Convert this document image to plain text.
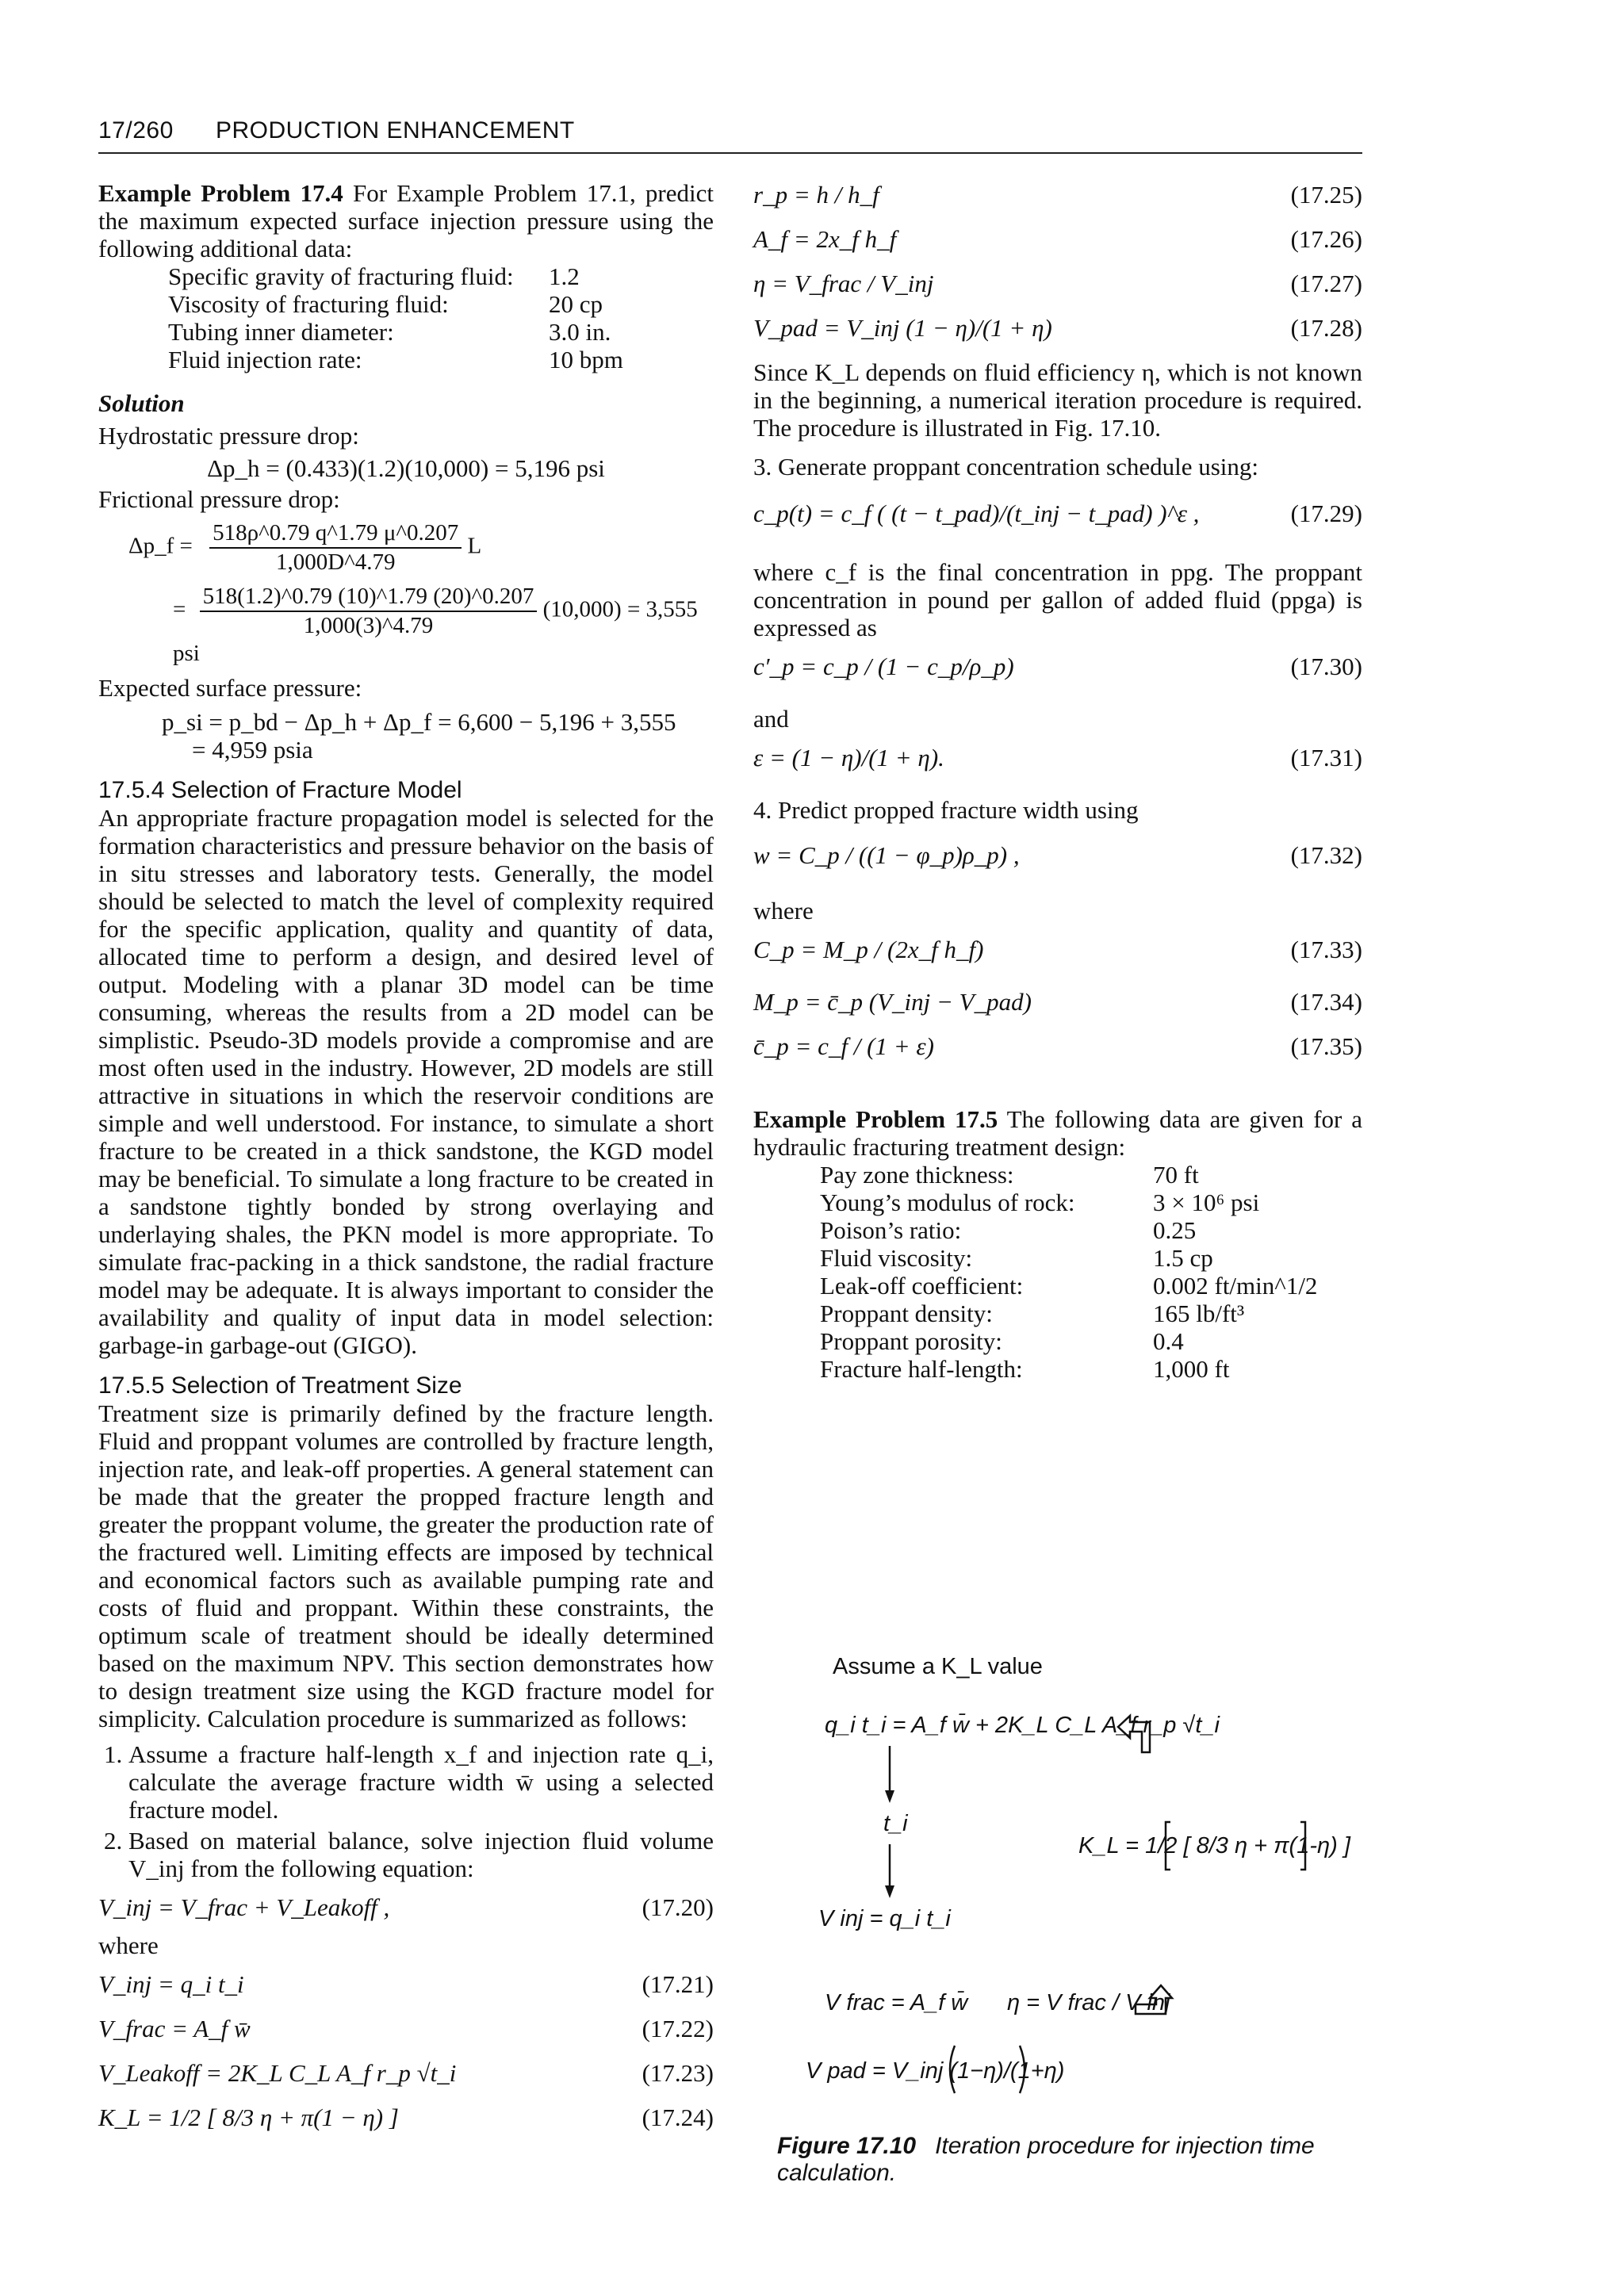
17/260 PRODUCTION ENHANCEMENT

Example Problem 17.4 For Example Problem 17.1, predict the maximum expected surface injection pressure using the following additional data:

Specific gravity of fracturing fluid:	1.2
Viscosity of fracturing fluid:	20 cp
Tubing inner diameter:	3.0 in.
Fluid injection rate:	10 bpm
Solution
Hydrostatic pressure drop:
Δp_h = (0.433)(1.2)(10,000) = 5,196 psi
Frictional pressure drop:
Δp_f = $\frac{518\rho\^{}0.79 q\^{}1.79 \mu\^{}0.207}{1,000D\^{}4.79}$ L
= $\frac{518(1.2)\^{}0.79 (10)\^{}1.79 (20)\^{}0.207}{1,000(3)\^{}4.79} (10,000) = 3,555$ psi
Expected surface pressure:
p_si = p_bd − Δp_h + Δp_f = 6,600 − 5,196 + 3,555
= 4,959 psia
17.5.4 Selection of Fracture Model

An appropriate fracture propagation model is selected for the formation characteristics and pressure behavior on the basis of in situ stresses and laboratory tests. Generally, the model should be selected to match the level of complexity required for the specific application, quality and quantity of data, allocated time to perform a design, and desired level of output. Modeling with a planar 3D model can be time consuming, whereas the results from a 2D model can be simplistic. Pseudo-3D models provide a compromise and are most often used in the industry. However, 2D models are still attractive in situations in which the reservoir conditions are simple and well understood. For instance, to simulate a short fracture to be created in a thick sandstone, the KGD model may be beneficial. To simulate a long fracture to be created in a sandstone tightly bonded by strong overlaying and underlaying shales, the PKN model is more appropriate. To simulate frac-packing in a thick sandstone, the radial fracture model may be adequate. It is always important to consider the availability and quality of input data in model selection: garbage-in garbage-out (GIGO).

17.5.5 Selection of Treatment Size

Treatment size is primarily defined by the fracture length. Fluid and proppant volumes are controlled by fracture length, injection rate, and leak-off properties. A general statement can be made that the greater the propped fracture length and greater the proppant volume, the greater the production rate of the fractured well. Limiting effects are imposed by technical and economical factors such as available pumping rate and costs of fluid and proppant. Within these constraints, the optimum scale of treatment should be ideally determined based on the maximum NPV. This section demonstrates how to design treatment size using the KGD fracture model for simplicity. Calculation procedure is summarized as follows:

1. Assume a fracture half-length x_f and injection rate q_i, calculate the average fracture width w̄ using a selected fracture model.
2. Based on material balance, solve injection fluid volume V_inj from the following equation:
V_inj = V_frac + V_Leakoff ,	(17.20)
where
V_inj = q_i t_i	(17.21)
V_frac = A_f w̄	(17.22)
V_Leakoff = 2K_L C_L A_f r_p √t_i	(17.23)
K_L = 1/2 [ 8/3 η + π(1 − η) ]	(17.24)
r_p = h / h_f	(17.25)
A_f = 2x_f h_f	(17.26)
η = V_frac / V_inj	(17.27)
V_pad = V_inj (1 − η)/(1 + η)	(17.28)

Since K_L depends on fluid efficiency η, which is not known in the beginning, a numerical iteration procedure is required. The procedure is illustrated in Fig. 17.10.

3. Generate proppant concentration schedule using:
c_p(t) = c_f ( (t − t_pad)/(t_inj − t_pad) )^ε ,	(17.29)

where c_f is the final concentration in ppg. The proppant concentration in pound per gallon of added fluid (ppga) is expressed as

c′_p = c_p / (1 − c_p/ρ_p)	(17.30)
and
ε = (1 − η)/(1 + η).	(17.31)
4. Predict propped fracture width using
w = C_p / ((1 − φ_p)ρ_p) ,	(17.32)
where
C_p = M_p / (2x_f h_f)	(17.33)
M_p = c̄_p (V_inj − V_pad)	(17.34)
c̄_p = c_f / (1 + ε)	(17.35)

Example Problem 17.5 The following data are given for a hydraulic fracturing treatment design:

Pay zone thickness:	70 ft
Young’s modulus of rock:	3 × 10⁶ psi
Poison’s ratio:	0.25
Fluid viscosity:	1.5 cp
Leak-off coefficient:	0.002 ft/min^1/2
Proppant density:	165 lb/ft³
Proppant porosity:	0.4
Fracture half-length:	1,000 ft
Assume a K_L value
q_i t_i = A_f w̄ + 2K_L C_L A_f r_p √t_i
t_i
K_L = 1/2 [ 8/3 η + π(1-η) ]
V inj = q_i t_i
V frac = A_f w̄ η = V frac / V inj
V pad = V_inj (1−η)/(1+η)
Figure 17.10 Iteration procedure for injection time calculation.
